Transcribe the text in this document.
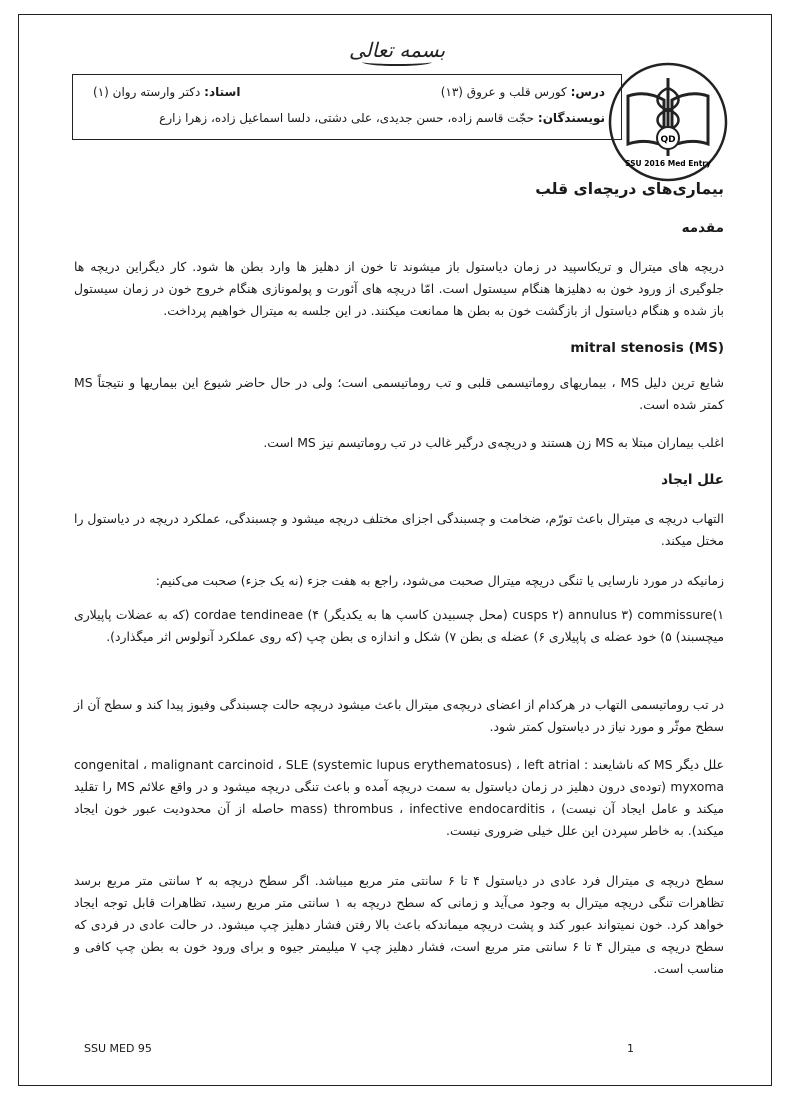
بسمه تعالی
QD
SSU 2016 Med Entry
درس: کورس قلب و عروق (۱۳)
استاد: دکتر وارسته روان (۱)
نویسندگان: حجّت قاسم زاده، حسن جدیدی، علی دشتی، دلسا اسماعیل زاده، زهرا زارع
بیماری‌های دریچه‌ای قلب
مقدمه

دریچه های میترال و تریکاسپید در زمان دیاستول باز میشوند تا خون از دهلیز ها وارد بطن ها شود. کار دیگراین دریچه ها جلوگیری از ورود خون به دهلیزها هنگام سیستول است. امّا دریچه های آئورت و پولمونازی هنگام خروج خون در زمان سیستول باز شده و هنگام دیاستول از بازگشت خون به بطن ها ممانعت میکنند. در این جلسه به میترال خواهیم پرداخت.

mitral stenosis (MS)

شایع ترین دلیل MS ، بیماریهای روماتیسمی قلبی و تب روماتیسمی است؛ ولی در حال حاضر شیوع این بیماریها و نتیجتاً MS کمتر شده است.

اغلب بیماران مبتلا به MS زن هستند و دریچه‌ی درگیر غالب در تب روماتیسم نیز MS است.

علل ایجاد

التهاب دریچه ی میترال باعث تورّم، ضخامت و چسبندگی اجزای مختلف دریچه میشود و چسبندگی، عملکرد دریچه در دیاستول را مختل میکند.

زمانیکه در مورد نارسایی یا تنگی دریچه میترال صحبت می‌شود، راجع به هفت جزء (نه یک جزء) صحبت می‌کنیم:

۱)cusps ۲) annulus ۳) commissure (محل چسبیدن کاسپ ها به یکدیگر) ۴) cordae tendineae (که به عضلات پاپیلاری میچسبند) ۵) خود عضله ی پاپیلاری ۶) عضله ی بطن ۷) شکل و اندازه ی بطن چپ (که روی عملکرد آنولوس اثر میگذارد).

در تب روماتیسمی التهاب در هرکدام از اعضای دریچه‌ی میترال باعث میشود دریچه حالت چسبندگی وفیوز پیدا کند و سطح آن از سطح موثّر و مورد نیاز در دیاستول کمتر شود.

علل دیگر MS که ناشایعند : congenital ، malignant carcinoid ، SLE (systemic lupus erythematosus) ، left atrial myxoma (توده‌ی درون دهلیز در زمان دیاستول به سمت دریچه آمده و باعث تنگی دریچه میشود و در واقع علائم MS را تقلید میکند و عامل ایجاد آن نیست) ، thrombus ، infective endocarditis (mass حاصله از آن محدودیت عبور خون ایجاد میکند). به خاطر سپردن این علل خیلی ضروری نیست.

سطح دریچه ی میترال فرد عادی در دیاستول ۴ تا ۶ سانتی متر مربع میباشد. اگر سطح دریچه به ۲ سانتی متر مربع برسد تظاهرات تنگی دریچه میترال به وجود می‌آید و زمانی که سطح دریچه به ۱ سانتی متر مربع رسید، تظاهرات قابل توجه ایجاد خواهد کرد. خون نمیتواند عبور کند و پشت دریچه میماندکه باعث بالا رفتن فشار دهلیز چپ میشود. در حالت عادی در فردی که سطح دریچه ی میترال ۴ تا ۶ سانتی متر مربع است، فشار دهلیز چپ ۷ میلیمتر جیوه و برای ورود خون به بطن چپ کافی و مناسب است.

SSU MED 95	1
